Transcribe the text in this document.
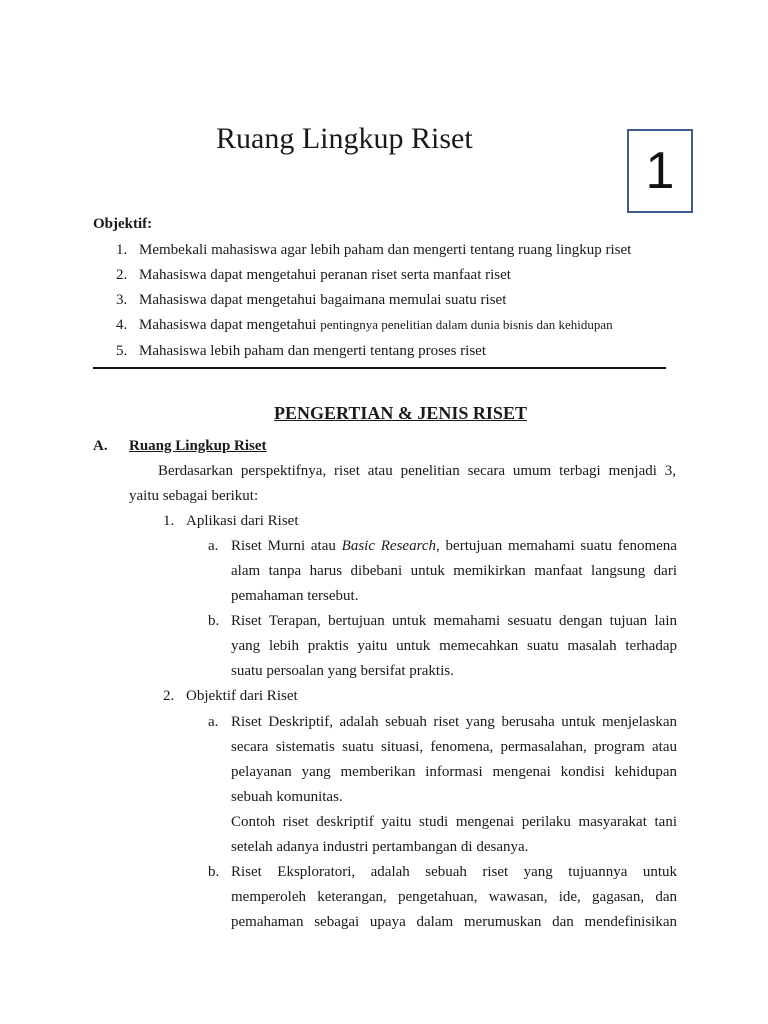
Ruang Lingkup Riset
1
Objektif:
1. Membekali mahasiswa agar lebih paham dan mengerti tentang ruang lingkup riset
2. Mahasiswa dapat mengetahui peranan riset serta manfaat riset
3. Mahasiswa dapat mengetahui bagaimana memulai suatu riset
4. Mahasiswa dapat mengetahui pentingnya penelitian dalam dunia bisnis dan kehidupan
5. Mahasiswa lebih paham dan mengerti tentang proses riset
PENGERTIAN & JENIS RISET
A. Ruang Lingkup Riset
Berdasarkan perspektifnya, riset atau penelitian secara umum terbagi menjadi 3,
yaitu sebagai berikut:
1. Aplikasi dari Riset
a. Riset Murni atau Basic Research, bertujuan memahami suatu fenomena
alam tanpa harus dibebani untuk memikirkan manfaat langsung dari
pemahaman tersebut.
b. Riset Terapan, bertujuan untuk memahami sesuatu dengan tujuan lain
yang lebih praktis yaitu untuk memecahkan suatu masalah terhadap
suatu persoalan yang bersifat praktis.
2. Objektif dari Riset
a. Riset Deskriptif, adalah sebuah riset yang berusaha untuk menjelaskan
secara sistematis suatu situasi, fenomena, permasalahan, program atau
pelayanan yang memberikan informasi mengenai kondisi kehidupan
sebuah komunitas.
Contoh riset deskriptif yaitu studi mengenai perilaku masyarakat tani
setelah adanya industri pertambangan di desanya.
b. Riset Eksploratori, adalah sebuah riset yang tujuannya untuk
memperoleh keterangan, pengetahuan, wawasan, ide, gagasan, dan
pemahaman sebagai upaya dalam merumuskan dan mendefinisikan
